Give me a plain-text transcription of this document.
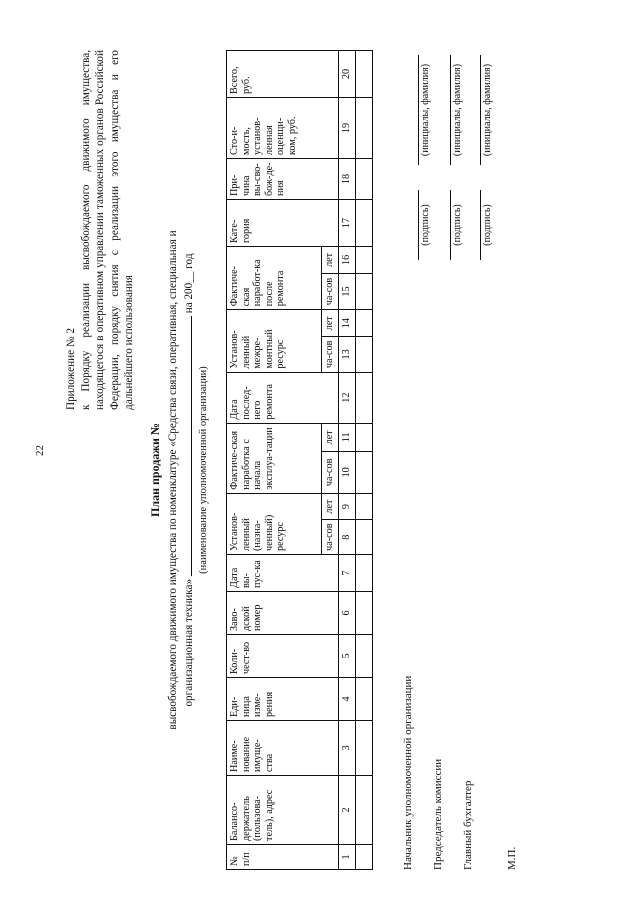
22
Приложение № 2 к Порядку реализации высвобождаемого движимого имущества, находящегося в оперативном управлении таможенных органов Российской Федерации, порядку снятия с реализации этого имущества и его дальнейшего использования
План продажи № высвобождаемого движимого имущества по номенклатуре «Средства связи, оперативная, специальная и организационная техника»  на 200__ год
(наименование уполномоченной организации)
№ п/п	Балансо-держатель (пользова-тель), адрес	Наиме-нование имуще-ства	Еди-ница изме-рения	Коли-чест-во	Заво-дской номер	Дата вы-пус-ка	Установ-ленный (назна-ченный) ресурс		Фактиче-ская наработка с начала эксплуа-тации		Дата послед-него ремонта	Установ-ленный межре-монтный ресурс		Фактиче-ская наработ-ка после ремонта		Кате-гория	При-чина вы-сво-бож-де-ния	Сто-и-мость, установ-ленная оценщи-ком, руб.	Всего, руб.
							ча-сов	лет	ча-сов	лет		ча-сов	лет	ча-сов	лет				
1	2	3	4	5	6	7	8	9	10	11	12	13	14	15	16	17	18	19	20

Начальник уполномоченной организации Председатель комиссии Главный бухгалтер	М.П.
(подпись)
(инициалы, фамилия)
(подпись)
(инициалы, фамилия)
(подпись)
(инициалы, фамилия)
